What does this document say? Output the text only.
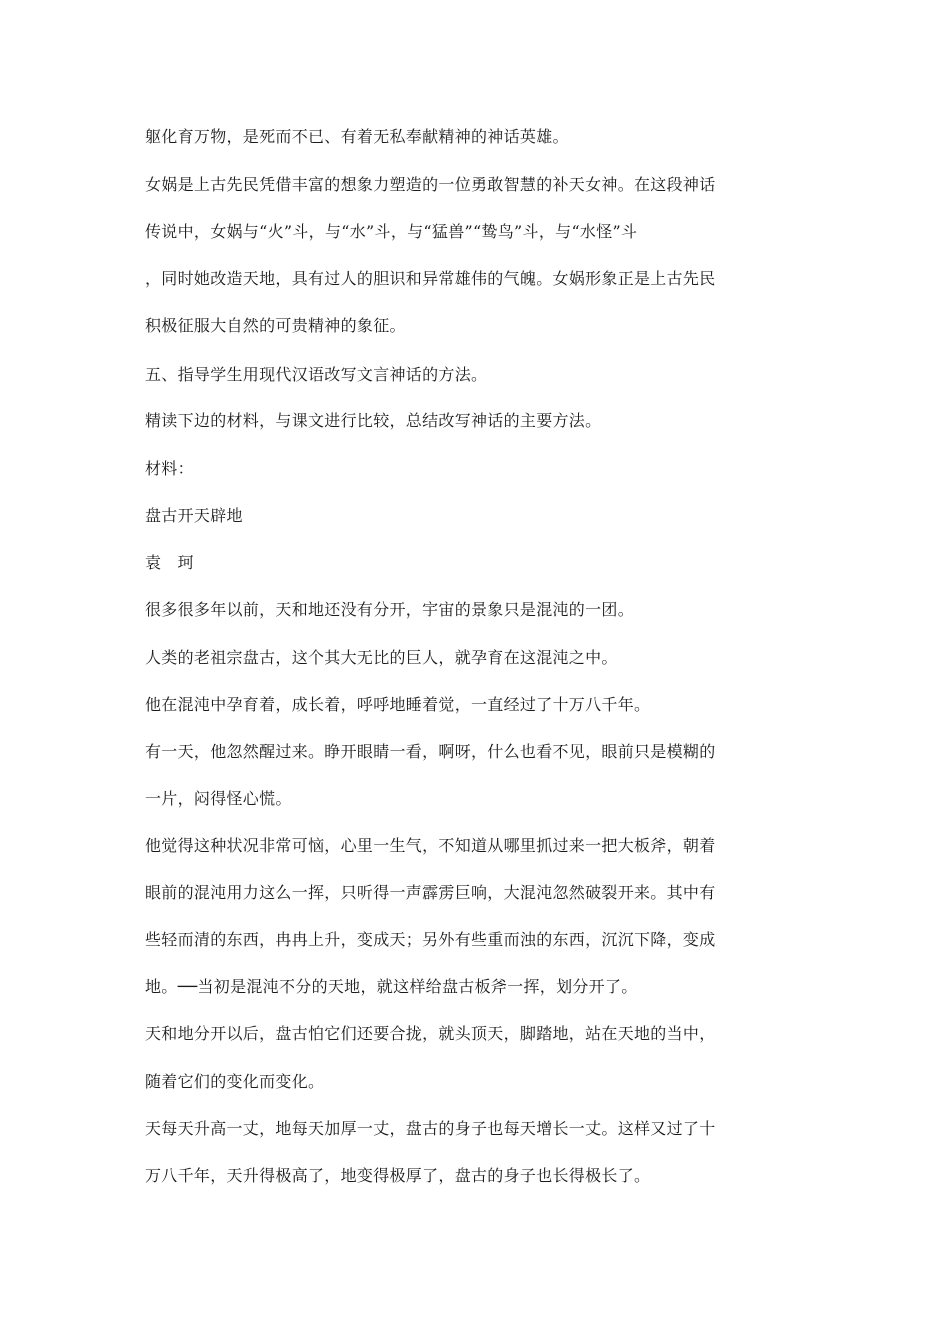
躯化育万物，是死而不已、有着无私奉献精神的神话英雄。
女娲是上古先民凭借丰富的想象力塑造的一位勇敢智慧的补天女神。在这段神话
传说中，女娲与“火”斗，与“水”斗，与“猛兽”“鸷鸟”斗，与“水怪”斗
，同时她改造天地，具有过人的胆识和异常雄伟的气魄。女娲形象正是上古先民
积极征服大自然的可贵精神的象征。
五、指导学生用现代汉语改写文言神话的方法。
精读下边的材料，与课文进行比较，总结改写神话的主要方法。
材料：
盘古开天辟地
袁　珂
很多很多年以前，天和地还没有分开，宇宙的景象只是混沌的一团。
人类的老祖宗盘古，这个其大无比的巨人，就孕育在这混沌之中。
他在混沌中孕育着，成长着，呼呼地睡着觉，一直经过了十万八千年。
有一天，他忽然醒过来。睁开眼睛一看，啊呀，什么也看不见，眼前只是模糊的
一片，闷得怪心慌。
他觉得这种状况非常可恼，心里一生气，不知道从哪里抓过来一把大板斧，朝着
眼前的混沌用力这么一挥，只听得一声霹雳巨响，大混沌忽然破裂开来。其中有
些轻而清的东西，冉冉上升，变成天；另外有些重而浊的东西，沉沉下降，变成
地。──当初是混沌不分的天地，就这样给盘古板斧一挥，划分开了。
天和地分开以后，盘古怕它们还要合拢，就头顶天，脚踏地，站在天地的当中，
随着它们的变化而变化。
天每天升高一丈，地每天加厚一丈，盘古的身子也每天增长一丈。这样又过了十
万八千年，天升得极高了，地变得极厚了，盘古的身子也长得极长了。
